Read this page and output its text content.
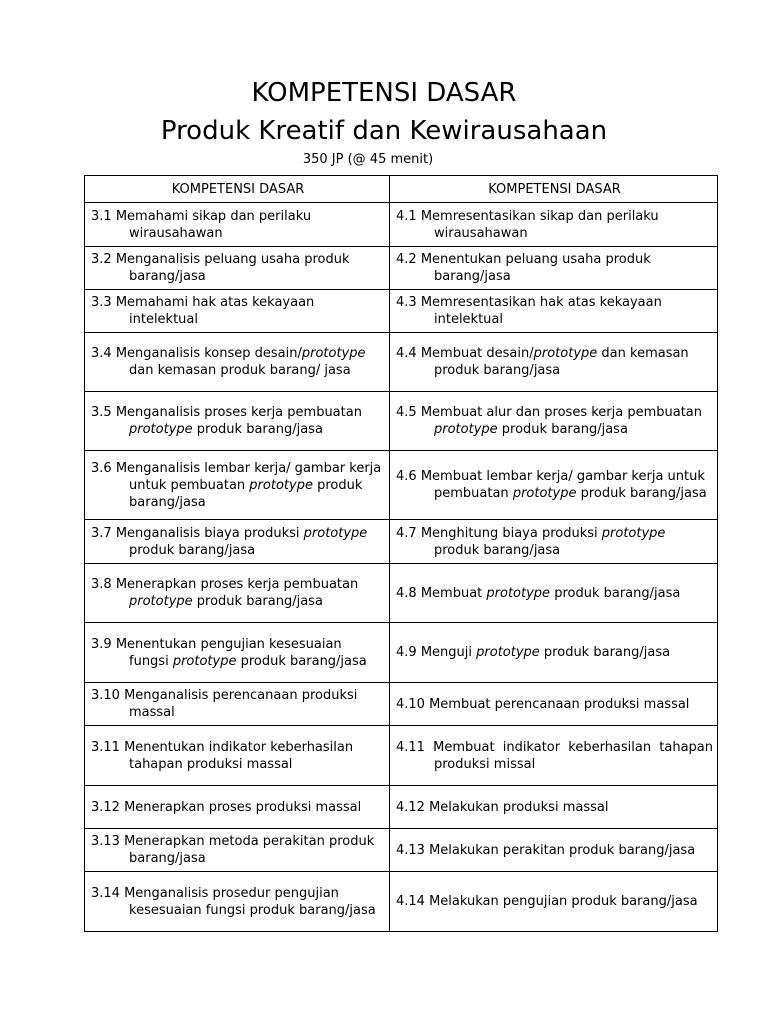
KOMPETENSI DASAR
Produk Kreatif dan Kewirausahaan
350 JP (@ 45 menit)
KOMPETENSI DASAR	KOMPETENSI DASAR

3.1 Memahami sikap dan perilaku wirausahawan	4.1 Memresentasikan sikap dan perilaku wirausahawan

3.2 Menganalisis peluang usaha produk barang/jasa	4.2 Menentukan peluang usaha produk barang/jasa

3.3 Memahami hak atas kekayaan intelektual	4.3 Memresentasikan hak atas kekayaan intelektual

3.4 Menganalisis konsep desain/prototype dan kemasan produk barang/ jasa	4.4 Membuat desain/prototype dan kemasan produk barang/jasa

3.5 Menganalisis proses kerja pembuatan prototype produk barang/jasa	4.5 Membuat alur dan proses kerja pembuatan prototype produk barang/jasa

3.6 Menganalisis lembar kerja/ gambar kerja untuk pembuatan prototype produk barang/jasa	4.6 Membuat lembar kerja/ gambar kerja untuk pembuatan prototype produk barang/jasa

3.7 Menganalisis biaya produksi prototype produk barang/jasa	4.7 Menghitung biaya produksi prototype produk barang/jasa

3.8 Menerapkan proses kerja pembuatan prototype produk barang/jasa	4.8 Membuat prototype produk barang/jasa

3.9 Menentukan pengujian kesesuaian fungsi prototype produk barang/jasa	4.9 Menguji prototype produk barang/jasa

3.10 Menganalisis perencanaan produksi massal	4.10 Membuat perencanaan produksi massal

3.11 Menentukan indikator keberhasilan tahapan produksi massal	4.11 Membuat indikator keberhasilan tahapan produksi missal

3.12 Menerapkan proses produksi massal	4.12 Melakukan produksi massal

3.13 Menerapkan metoda perakitan produk barang/jasa	4.13 Melakukan perakitan produk barang/jasa

3.14 Menganalisis prosedur pengujian kesesuaian fungsi produk barang/jasa	4.14 Melakukan pengujian produk barang/jasa
